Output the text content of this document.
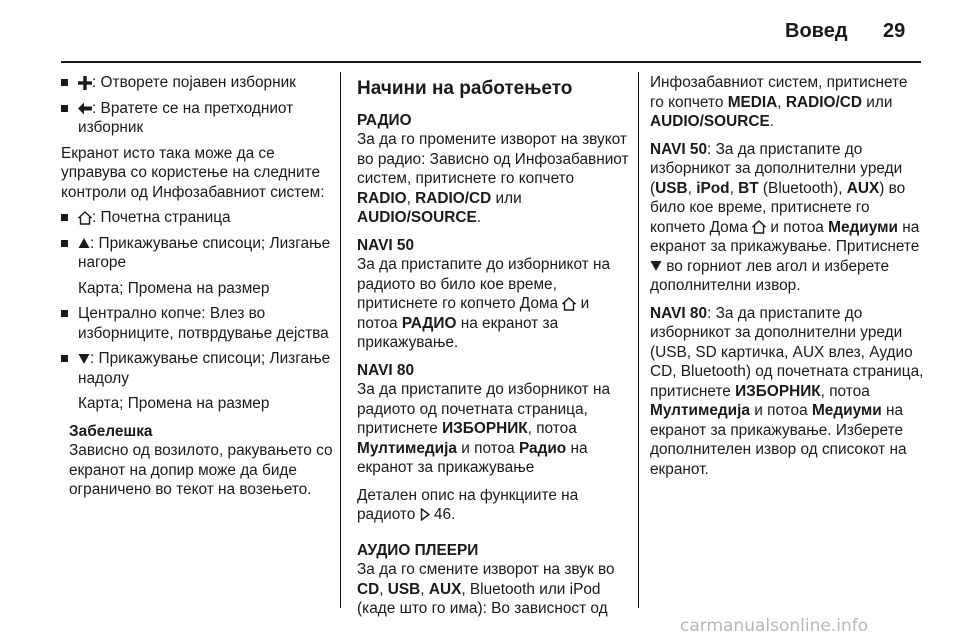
Вовед 29
: Отворете појавен изборник
: Вратете се на претходниот изборник

Екранот исто така може да се управува со користење на следните контроли од Инфозабавниот систем:

: Почетна страница
: Прикажување списоци; Лизгање нагоре

Карта; Промена на размер

Централно копче: Влез во изборниците, потврдување дејства
: Прикажување списоци; Лизгање надолу

Карта; Промена на размер

Забелешка
Зависно од возилото, ракувањето со екранот на допир може да биде ограничено во текот на возењето.
Начини на работењето
РАДИО

За да го промените изворот на звукот во радио: Зависно од Инфозабавниот систем, притиснете го копчето RADIO, RADIO/CD или AUDIO/SOURCE.

NAVI 50

За да пристапите до изборникот на радиото во било кое време, притиснете го копчето Дома  и потоа РАДИО на екранот за прикажување.

NAVI 80

За да пристапите до изборникот на радиото од почетната страница, притиснете ИЗБОРНИК, потоа Мултимедија и потоа Радио на екранот за прикажување

Детален опис на функциите на радиото  46.

АУДИО ПЛЕЕРИ

За да го смените изворот на звук во CD, USB, AUX, Bluetooth или iPod (каде што го има): Во зависност од

Инфозабавниот систем, притиснете го копчето MEDIA, RADIO/CD или AUDIO/SOURCE.

NAVI 50: За да пристапите до изборникот за дополнителни уреди (USB, iPod, BT (Bluetooth), AUX) во било кое време, притиснете го копчето Дома  и потоа Медиуми на екранот за прикажување. Притиснете  во горниот лев агол и изберете дополнителни извор.

NAVI 80: За да пристапите до изборникот за дополнителни уреди (USB, SD картичка, AUX влез, Аудио CD, Bluetooth) од почетната страница, притиснете ИЗБОРНИК, потоа Мултимедија и потоа Медиуми на екранот за прикажување. Изберете дополнителен извор од списокот на екранот.

carmanualsonline.info
